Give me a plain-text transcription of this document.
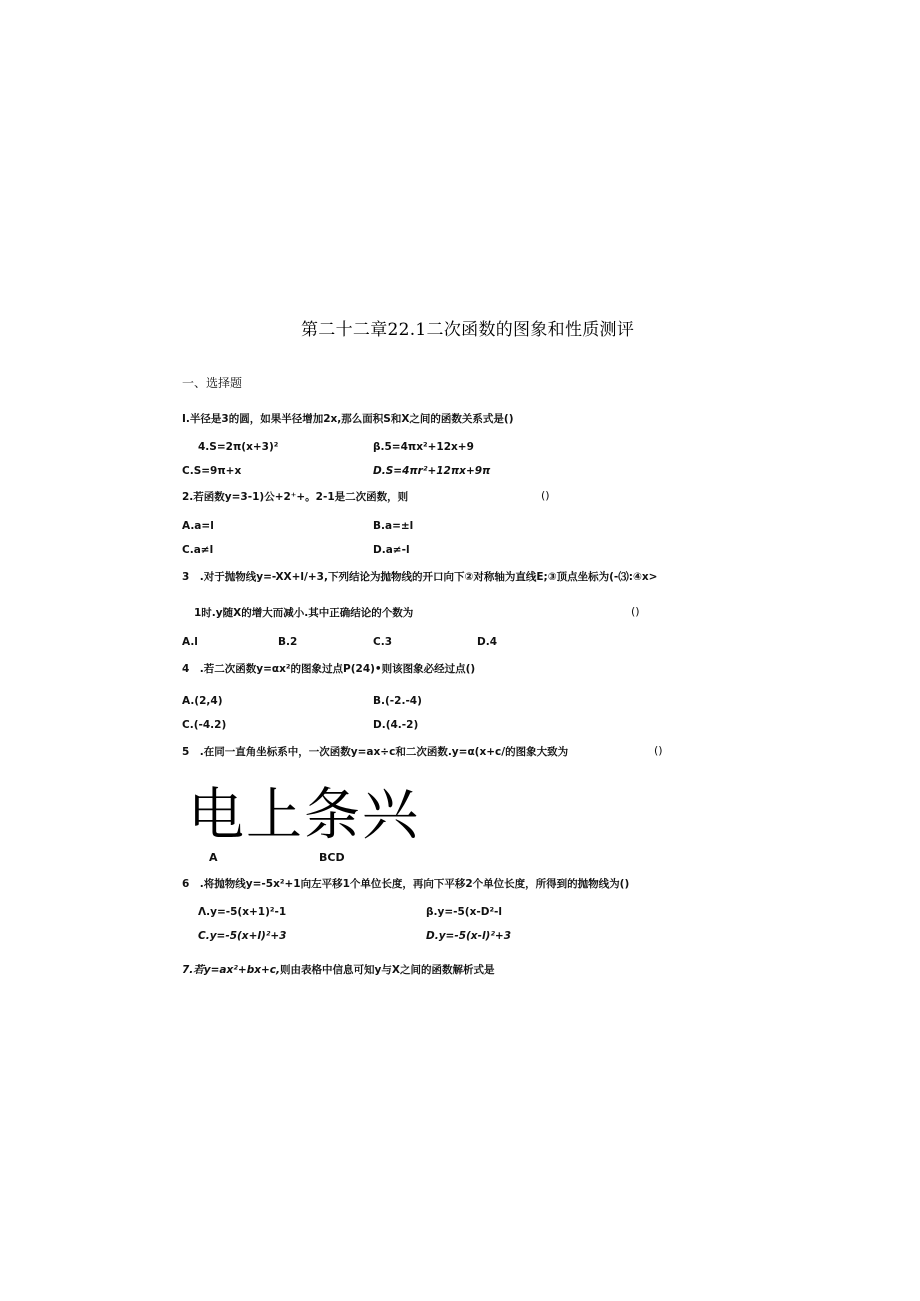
第二十二章22.1二次函数的图象和性质测评
一、选择题
I.半径是3的圆，如果半径增加2x,那么面积S和X之间的函数关系式是()
4.S=2π(x+3)²	β.5=4πx²+12x+9
C.S=9π+x	D.S=4πr²+12πx+9π
2.若函数y=3-1)公+2⁺+。2-1是二次函数，则	()
A.a=l	B.a=±l
C.a≠l	D.a≠-l
3　.对于抛物线y=-XX+l/+3,下列结论为抛物线的开口向下②对称轴为直线E;③顶点坐标为(-⑶:④x>
1时.y随X的增大而减小.其中正确结论的个数为	()
A.l	B.2	C.3	D.4
4　.若二次函数y=αx²的图象过点P(24)•则该图象必经过点()
A.(2,4)	B.(-2.-4)
C.(-4.2)	D.(4.-2)
5　.在同一直角坐标系中，一次函数y=ax÷c和二次函数.y=α(x+c/的图象大致为	()
电上条兴
A	BCD
6　.将抛物线y=-5x²+1向左平移1个单位长度，再向下平移2个单位长度，所得到的抛物线为()
Λ.y=-5(x+1)²-1	β.y=-5(x-D²-l
C.y=-5(x+l)²+3	D.y=-5(x-l)²+3
7.若y=ax²+bx+c,则由表格中信息可知y与X之间的函数解析式是
